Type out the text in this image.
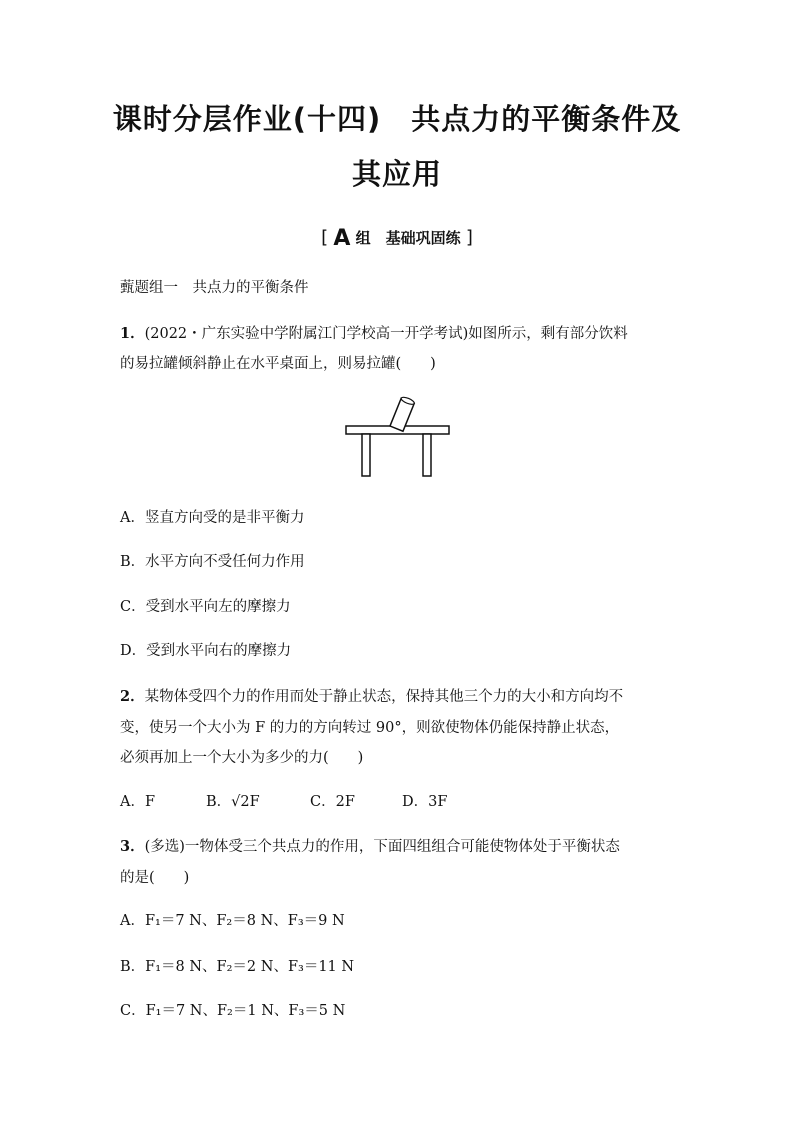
课时分层作业(十四)　共点力的平衡条件及
其应用
[ A 组　基础巩固练 ]
薽题组一　共点力的平衡条件
1．(2022・广东实验中学附属江门学校高一开学考试)如图所示，剩有部分饮料
的易拉罐倾斜静止在水平桌面上，则易拉罐(　　)
A．竖直方向受的是非平衡力
B．水平方向不受任何力作用
C．受到水平向左的摩擦力
D．受到水平向右的摩擦力
2．某物体受四个力的作用而处于静止状态，保持其他三个力的大小和方向均不
变，使另一个大小为 F 的力的方向转过 90°，则欲使物体仍能保持静止状态，
必须再加上一个大小为多少的力(　　)
A．F	B．√2F	C．2F	D．3F
3．(多选)一物体受三个共点力的作用，下面四组组合可能使物体处于平衡状态
的是(　　)
A．F₁＝7 N、F₂＝8 N、F₃＝9 N
B．F₁＝8 N、F₂＝2 N、F₃＝11 N
C．F₁＝7 N、F₂＝1 N、F₃＝5 N
